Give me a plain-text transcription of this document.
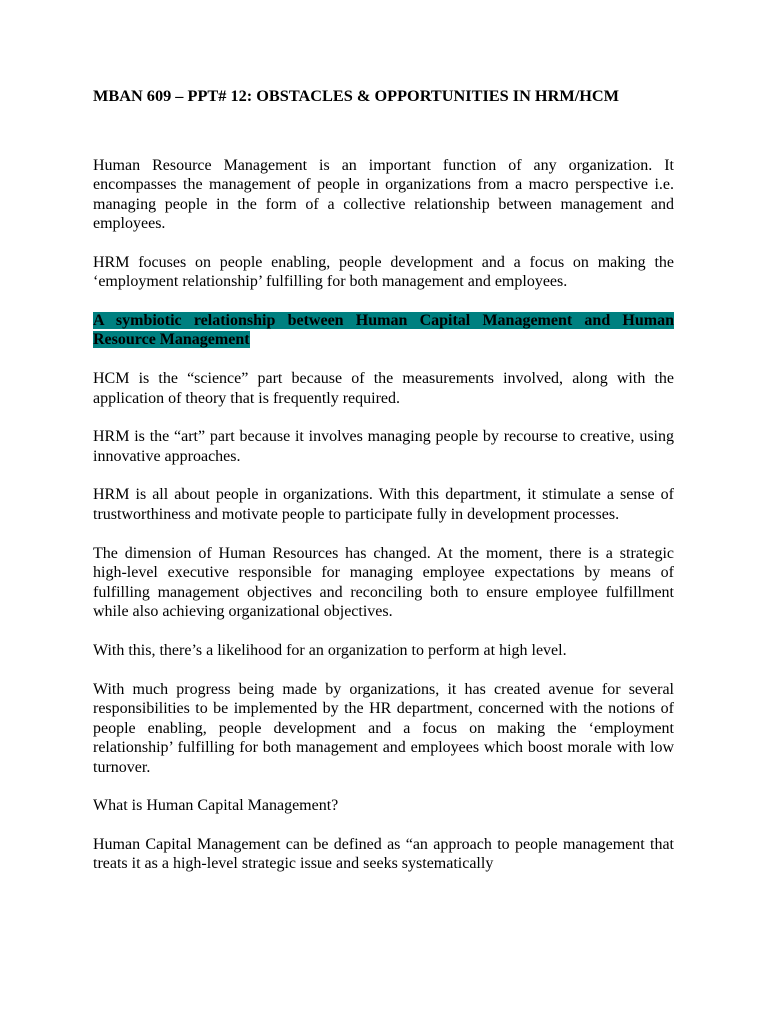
MBAN 609 – PPT# 12: OBSTACLES & OPPORTUNITIES IN HRM/HCM

Human Resource Management is an important function of any organization. It encompasses the management of people in organizations from a macro perspective i.e. managing people in the form of a collective relationship between management and employees.

HRM focuses on people enabling, people development and a focus on making the ‘employment relationship’ fulfilling for both management and employees.

A symbiotic relationship between Human Capital Management and Human Resource Management

HCM is the “science” part because of the measurements involved, along with the application of theory that is frequently required.

HRM is the “art” part because it involves managing people by recourse to creative, using innovative approaches.

HRM is all about people in organizations. With this department, it stimulate a sense of trustworthiness and motivate people to participate fully in development processes.

The dimension of Human Resources has changed. At the moment, there is a strategic high-level executive responsible for managing employee expectations by means of fulfilling management objectives and reconciling both to ensure employee fulfillment while also achieving organizational objectives.

With this, there’s a likelihood for an organization to perform at high level.

With much progress being made by organizations, it has created avenue for several responsibilities to be implemented by the HR department, concerned with the notions of people enabling, people development and a focus on making the ‘employment relationship’ fulfilling for both management and employees which boost morale with low turnover.

What is Human Capital Management?

Human Capital Management can be defined as “an approach to people management that treats it as a high-level strategic issue and seeks systematically
